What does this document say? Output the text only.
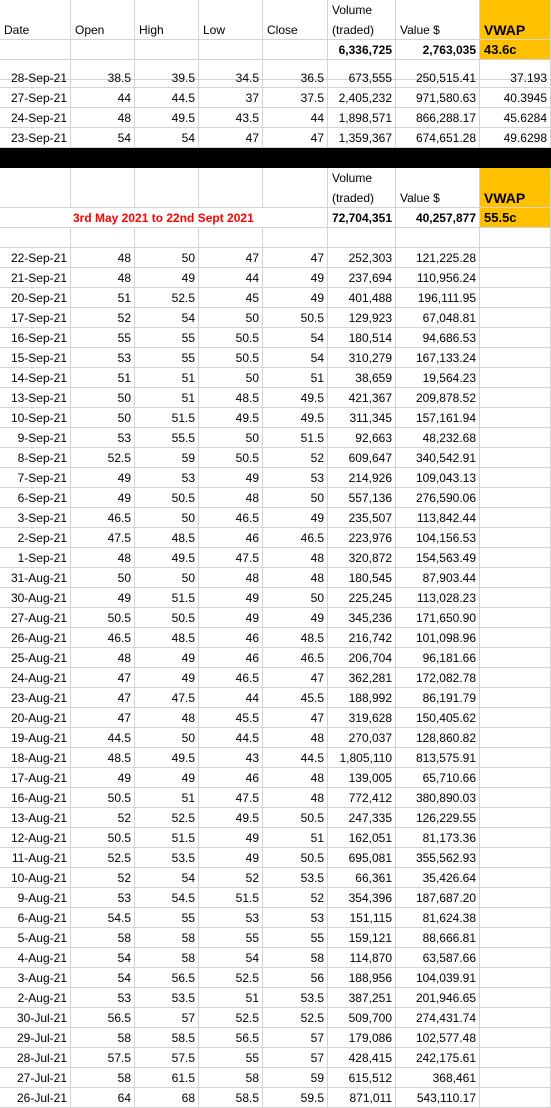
Date	Open	High	Low	Close
Volume
(traded)	Value $	VWAP
6,336,725	2,763,035 43.6c
28-Sep-21	38.5	39.5	34.5	36.5	673,555	250,515.41	37.193
27-Sep-21	44	44.5	37	37.5	2,405,232	971,580.63	40.3945
24-Sep-21	48	49.5	43.5	44	1,898,571	866,288.17	45.6284
23-Sep-21	54	54	47	47	1,359,367	674,651.28	49.6298
Volume
(traded)	Value $	VWAP
3rd May 2021 to 22nd Sept 2021	72,704,351	40,257,877 55.5c
22-Sep-21	48	50	47	47	252,303	121,225.28
21-Sep-21	48	49	44	49	237,694	110,956.24
20-Sep-21	51	52.5	45	49	401,488	196,111.95
17-Sep-21	52	54	50	50.5	129,923	67,048.81
16-Sep-21	55	55	50.5	54	180,514	94,686.53
15-Sep-21	53	55	50.5	54	310,279	167,133.24
14-Sep-21	51	51	50	51	38,659	19,564.23
13-Sep-21	50	51	48.5	49.5	421,367	209,878.52
10-Sep-21	50	51.5	49.5	49.5	311,345	157,161.94
9-Sep-21	53	55.5	50	51.5	92,663	48,232.68
8-Sep-21	52.5	59	50.5	52	609,647	340,542.91
7-Sep-21	49	53	49	53	214,926	109,043.13
6-Sep-21	49	50.5	48	50	557,136	276,590.06
3-Sep-21	46.5	50	46.5	49	235,507	113,842.44
2-Sep-21	47.5	48.5	46	46.5	223,976	104,156.53
1-Sep-21	48	49.5	47.5	48	320,872	154,563.49
31-Aug-21	50	50	48	48	180,545	87,903.44
30-Aug-21	49	51.5	49	50	225,245	113,028.23
27-Aug-21	50.5	50.5	49	49	345,236	171,650.90
26-Aug-21	46.5	48.5	46	48.5	216,742	101,098.96
25-Aug-21	48	49	46	46.5	206,704	96,181.66
24-Aug-21	47	49	46.5	47	362,281	172,082.78
23-Aug-21	47	47.5	44	45.5	188,992	86,191.79
20-Aug-21	47	48	45.5	47	319,628	150,405.62
19-Aug-21	44.5	50	44.5	48	270,037	128,860.82
18-Aug-21	48.5	49.5	43	44.5	1,805,110	813,575.91
17-Aug-21	49	49	46	48	139,005	65,710.66
16-Aug-21	50.5	51	47.5	48	772,412	380,890.03
13-Aug-21	52	52.5	49.5	50.5	247,335	126,229.55
12-Aug-21	50.5	51.5	49	51	162,051	81,173.36
11-Aug-21	52.5	53.5	49	50.5	695,081	355,562.93
10-Aug-21	52	54	52	53.5	66,361	35,426.64
9-Aug-21	53	54.5	51.5	52	354,396	187,687.20
6-Aug-21	54.5	55	53	53	151,115	81,624.38
5-Aug-21	58	58	55	55	159,121	88,666.81
4-Aug-21	54	58	54	58	114,870	63,587.66
3-Aug-21	54	56.5	52.5	56	188,956	104,039.91
2-Aug-21	53	53.5	51	53.5	387,251	201,946.65
30-Jul-21	56.5	57	52.5	52.5	509,700	274,431.74
29-Jul-21	58	58.5	56.5	57	179,086	102,577.48
28-Jul-21	57.5	57.5	55	57	428,415	242,175.61
27-Jul-21	58	61.5	58	59	615,512	368,461
26-Jul-21	64	68	58.5	59.5	871,011	543,110.17
